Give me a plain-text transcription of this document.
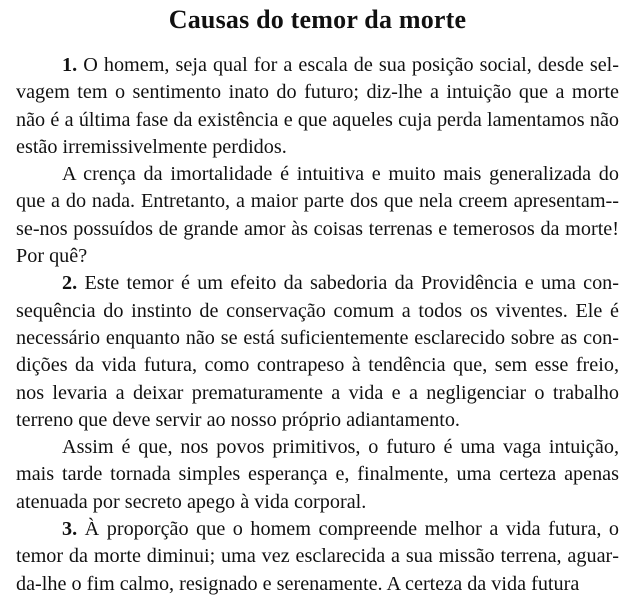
Causas do temor da morte

1. O homem, seja qual for a escala de sua posição social, desde selvagem tem o sentimento inato do futuro; diz-lhe a intuição que a morte não é a última fase da existência e que aqueles cuja perda lamentamos não estão irremissivelmente perdidos.

A crença da imortalidade é intuitiva e muito mais generalizada do que a do nada. Entretanto, a maior parte dos que nela creem apresentam‑​-se-nos possuídos de grande amor às coisas terrenas e temerosos da morte! Por quê?

2. Este temor é um efeito da sabedoria da Providência e uma consequência do instinto de conservação comum a todos os viventes. Ele é necessário enquanto não se está suficientemente esclarecido sobre as condições da vida futura, como contrapeso à tendência que, sem esse freio, nos levaria a deixar prematuramente a vida e a negligenciar o trabalho terreno que deve servir ao nosso próprio adiantamento.

Assim é que, nos povos primitivos, o futuro é uma vaga intuição, mais tarde tornada simples esperança e, finalmente, uma certeza apenas atenuada por secreto apego à vida corporal.

3. À proporção que o homem compreende melhor a vida futura, o temor da morte diminui; uma vez esclarecida a sua missão terrena, aguarda-lhe o fim calmo, resignado e serenamente. A certeza da vida futura
